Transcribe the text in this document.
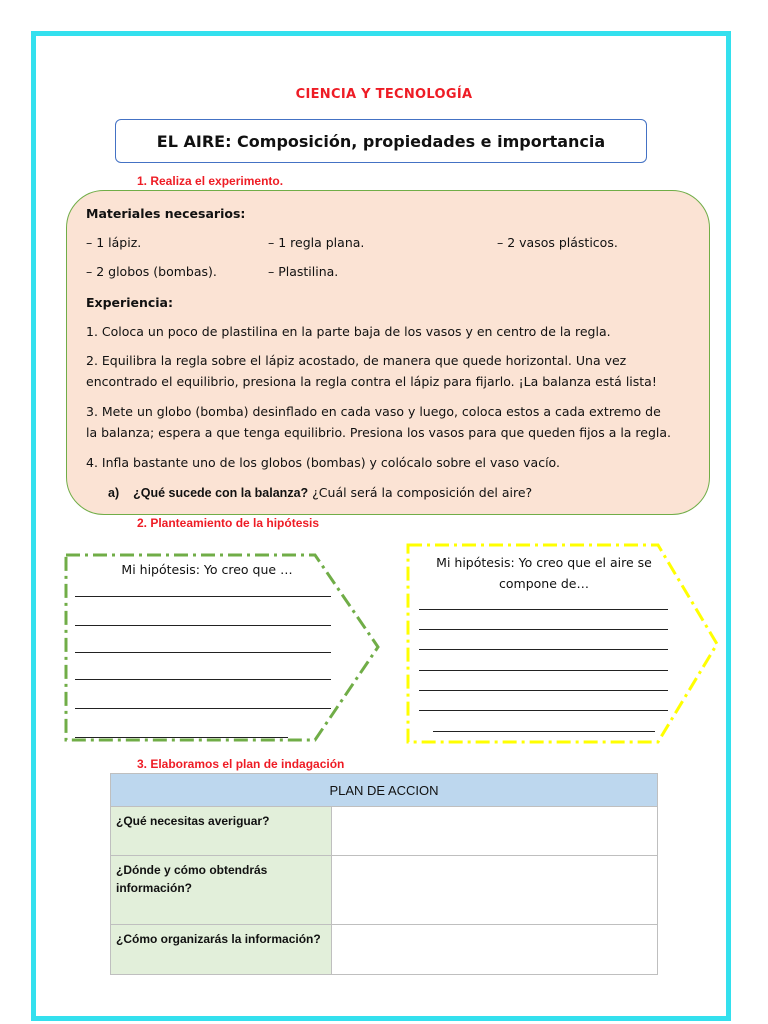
CIENCIA Y TECNOLOGÍA
EL AIRE: Composición, propiedades e importancia
1. Realiza el experimento.
Materiales necesarios:
– 1 lápiz.	– 1 regla plana.	– 2 vasos plásticos.
– 2 globos (bombas).	– Plastilina.
Experiencia:
1. Coloca un poco de plastilina en la parte baja de los vasos y en centro de la regla.
2. Equilibra la regla sobre el lápiz acostado, de manera que quede horizontal. Una vez
encontrado el equilibrio, presiona la regla contra el lápiz para fijarlo. ¡La balanza está lista!
3. Mete un globo (bomba) desinflado en cada vaso y luego, coloca estos a cada extremo de
la balanza; espera a que tenga equilibrio. Presiona los vasos para que queden fijos a la regla.
4. Infla bastante uno de los globos (bombas) y colócalo sobre el vaso vacío.
a) ¿Qué sucede con la balanza? ¿Cuál será la composición del aire?
2. Planteamiento de la hipótesis
Mi hipótesis: Yo creo que …	Mi hipótesis: Yo creo que el aire se
compone de…
3. Elaboramos el plan de indagación
PLAN DE ACCION	
¿Qué necesitas averiguar?	
¿Dónde y cómo obtendrás información?	
¿Cómo organizarás la información?	
